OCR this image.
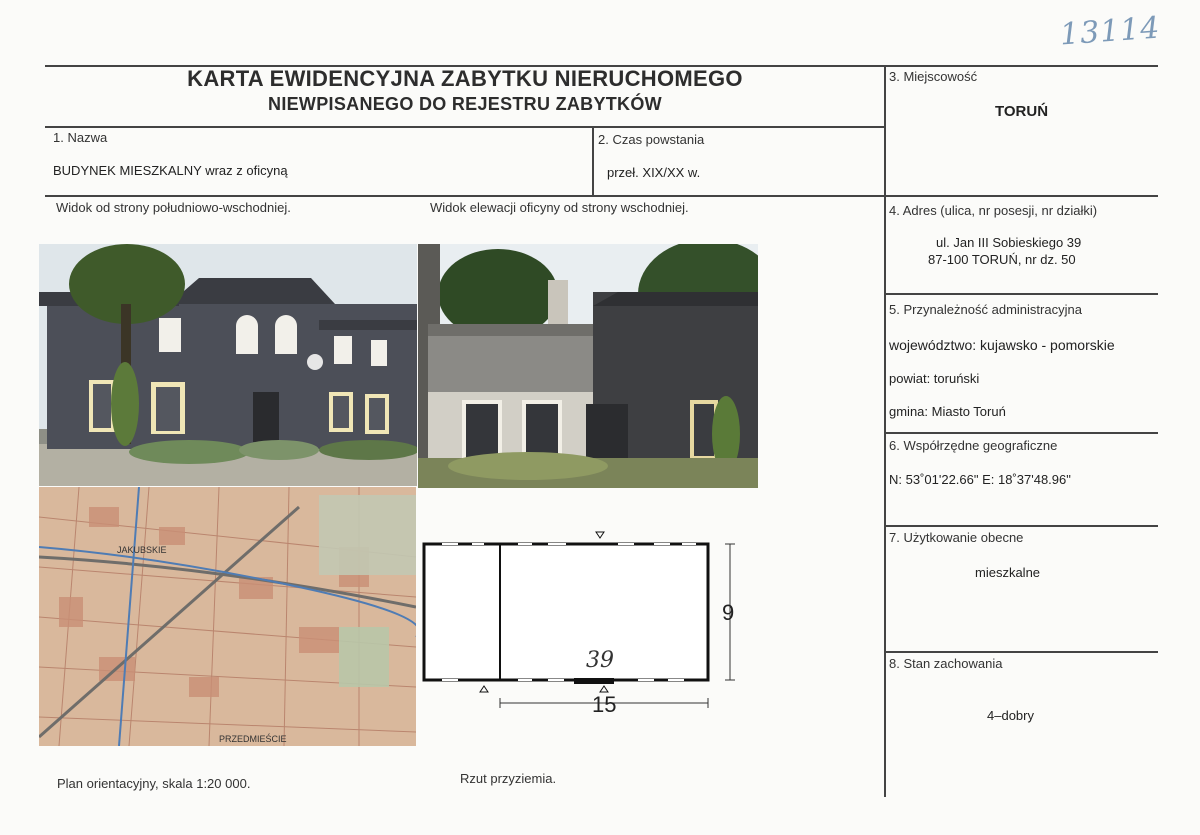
13114
KARTA EWIDENCYJNA ZABYTKU NIERUCHOMEGO
NIEWPISANEGO DO REJESTRU ZABYTKÓW
1. Nazwa
BUDYNEK MIESZKALNY wraz z oficyną
2. Czas powstania
przeł. XIX/XX w.
3. Miejscowość
TORUŃ
4. Adres (ulica, nr posesji, nr działki)
ul. Jan III Sobieskiego 39
87-100 TORUŃ, nr dz. 50
5. Przynależność administracyjna
województwo: kujawsko - pomorskie
powiat: toruński
gmina: Miasto Toruń
6. Współrzędne geograficzne
N: 53˚01'22.66" E: 18˚37'48.96"
7. Użytkowanie obecne
mieszkalne
8. Stan zachowania
4–dobry
Widok od strony południowo-wschodniej.	Widok elewacji oficyny od strony wschodniej.
JAKUBSKIE
PRZEDMIEŚCIE
39
15
9
Plan orientacyjny, skala 1:20 000.	Rzut przyziemia.
